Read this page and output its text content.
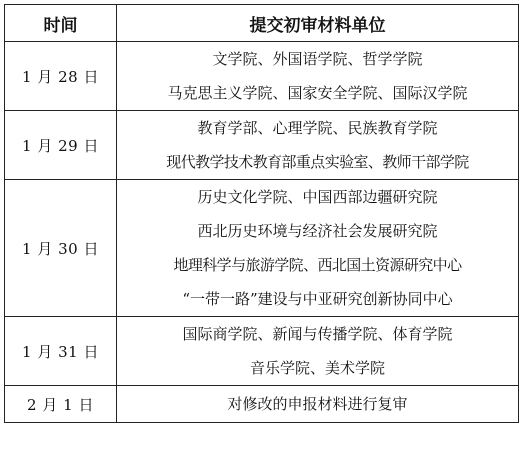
时间	提交初审材料单位
1 月 28 日	文学院、外国语学院、哲学学院
马克思主义学院、国家安全学院、国际汉学院

1 月 29 日	教育学部、心理学院、民族教育学院
现代教学技术教育部重点实验室、教师干部学院

1 月 30 日	历史文化学院、中国西部边疆研究院
西北历史环境与经济社会发展研究院
地理科学与旅游学院、西北国土资源研究中心
“一带一路”建设与中亚研究创新协同中心

1 月 31 日	国际商学院、新闻与传播学院、体育学院
音乐学院、美术学院

2 月 1 日	对修改的申报材料进行复审
